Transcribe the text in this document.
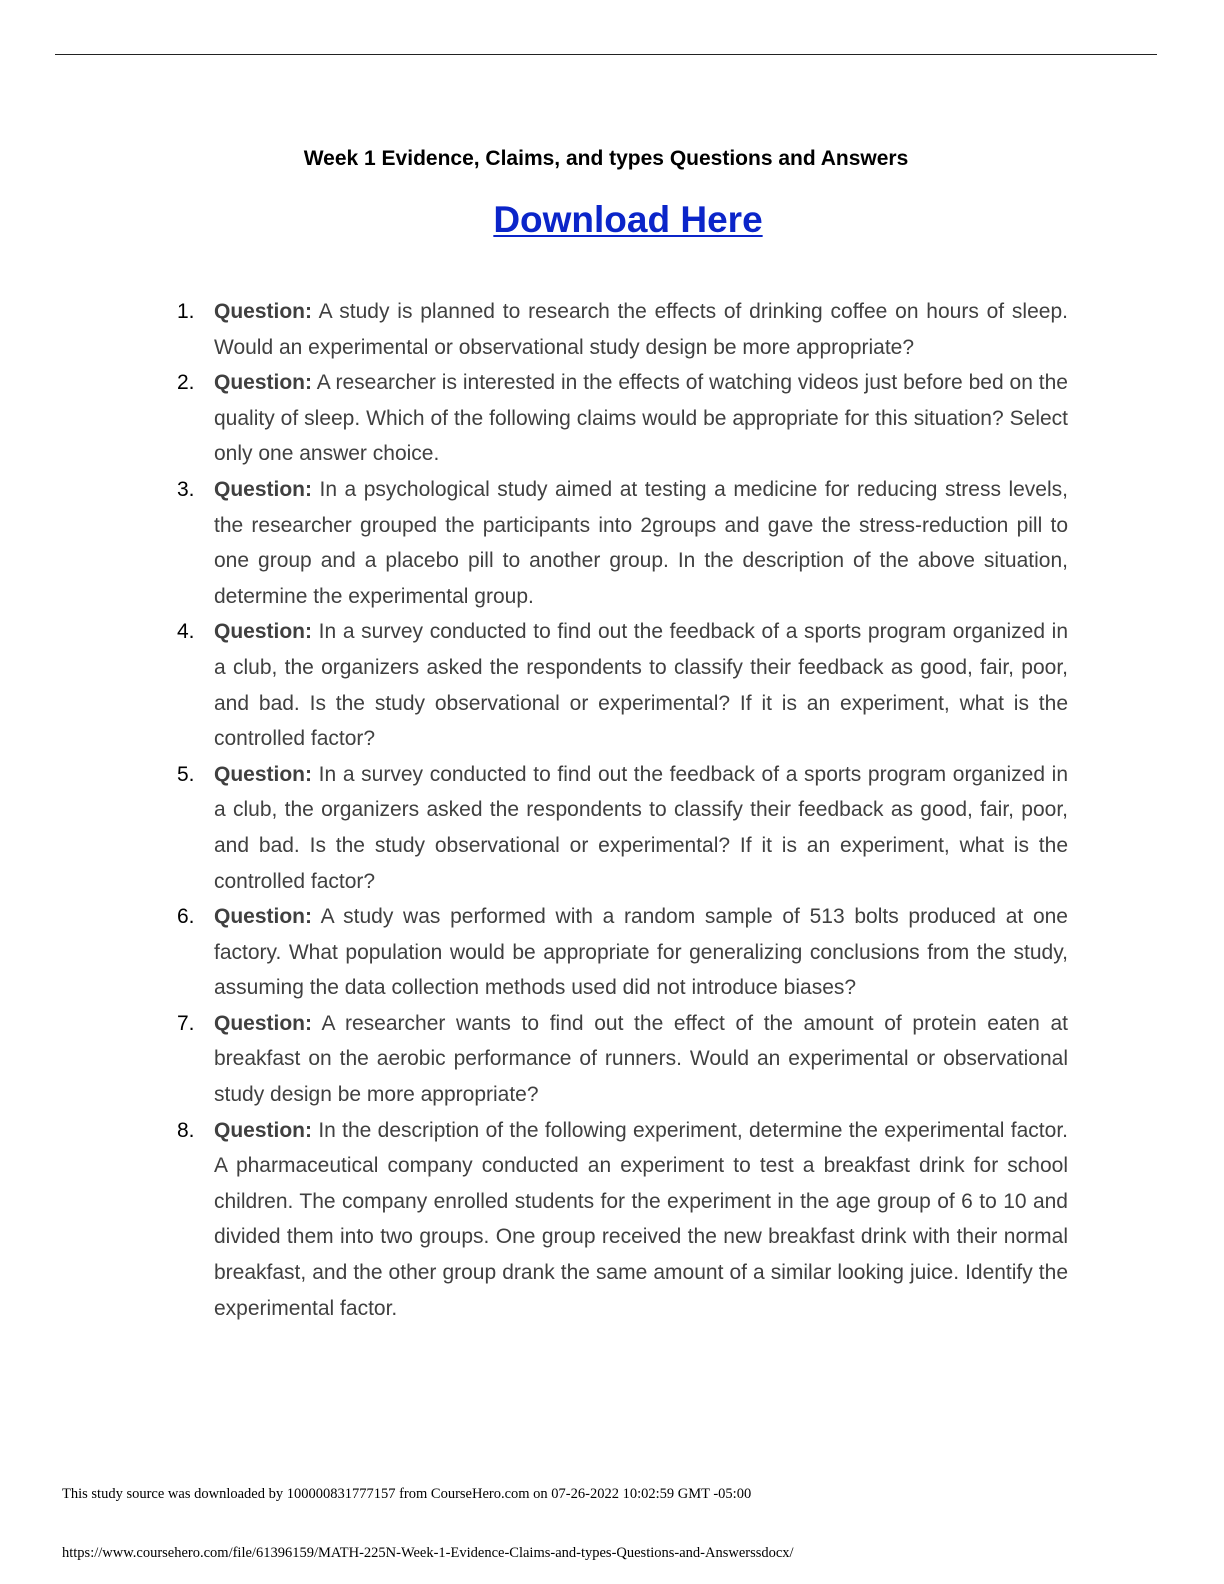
Week 1 Evidence, Claims, and types Questions and Answers
Download Here
1. Question: A study is planned to research the effects of drinking coffee on hours of sleep. Would an experimental or observational study design be more appropriate?
2. Question: A researcher is interested in the effects of watching videos just before bed on the quality of sleep. Which of the following claims would be appropriate for this situation? Select only one answer choice.
3. Question: In a psychological study aimed at testing a medicine for reducing stress levels, the researcher grouped the participants into 2groups and gave the stress-reduction pill to one group and a placebo pill to another group. In the description of the above situation, determine the experimental group.
4. Question: In a survey conducted to find out the feedback of a sports program organized in a club, the organizers asked the respondents to classify their feedback as good, fair, poor, and bad. Is the study observational or experimental? If it is an experiment, what is the controlled factor?
5. Question: In a survey conducted to find out the feedback of a sports program organized in a club, the organizers asked the respondents to classify their feedback as good, fair, poor, and bad. Is the study observational or experimental? If it is an experiment, what is the controlled factor?
6. Question: A study was performed with a random sample of 513 bolts produced at one factory. What population would be appropriate for generalizing conclusions from the study, assuming the data collection methods used did not introduce biases?
7. Question: A researcher wants to find out the effect of the amount of protein eaten at breakfast on the aerobic performance of runners. Would an experimental or observational study design be more appropriate?
8. Question: In the description of the following experiment, determine the experimental factor. A pharmaceutical company conducted an experiment to test a breakfast drink for school children. The company enrolled students for the experiment in the age group of 6 to 10 and divided them into two groups. One group received the new breakfast drink with their normal breakfast, and the other group drank the same amount of a similar looking juice. Identify the experimental factor.
This study source was downloaded by 100000831777157 from CourseHero.com on 07-26-2022 10:02:59 GMT -05:00
https://www.coursehero.com/file/61396159/MATH-225N-Week-1-Evidence-Claims-and-types-Questions-and-Answerssdocx/
